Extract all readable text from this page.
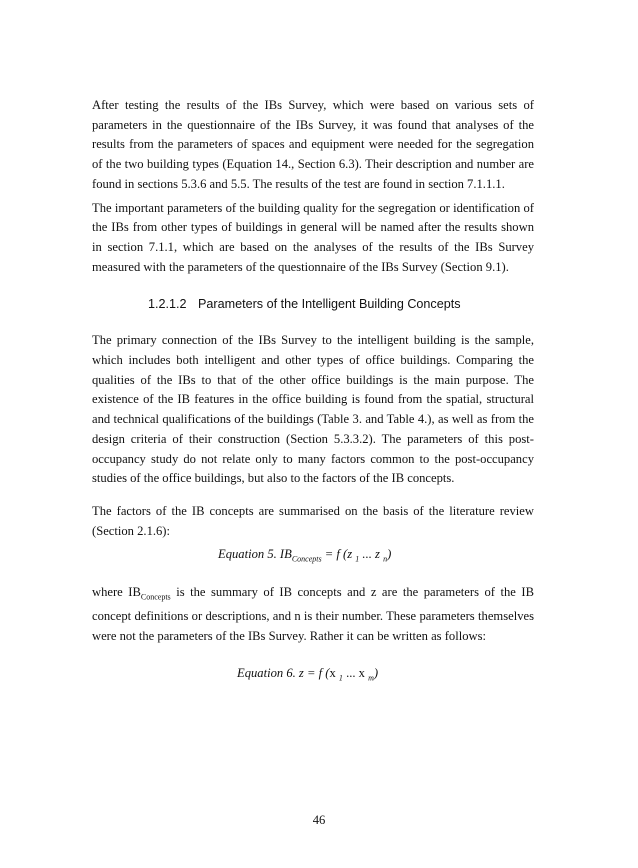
After testing the results of the IBs Survey, which were based on various sets of parameters in the questionnaire of the IBs Survey, it was found that analyses of the results from the parameters of spaces and equipment were needed for the segregation of the two building types (Equation 14., Section 6.3). Their description and number are found in sections 5.3.6 and 5.5. The results of the test are found in section 7.1.1.1.

The important parameters of the building quality for the segregation or identification of the IBs from other types of buildings in general will be named after the results shown in section 7.1.1, which are based on the analyses of the results of the IBs Survey measured with the parameters of the questionnaire of the IBs Survey (Section 9.1).

1.2.1.2 Parameters of the Intelligent Building Concepts

The primary connection of the IBs Survey to the intelligent building is the sample, which includes both intelligent and other types of office buildings. Comparing the qualities of the IBs to that of the other office buildings is the main purpose. The existence of the IB features in the office building is found from the spatial, structural and technical qualifications of the buildings (Table 3. and Table 4.), as well as from the design criteria of their construction (Section 5.3.3.2). The parameters of this post-occupancy study do not relate only to many factors common to the post-occupancy studies of the office buildings, but also to the factors of the IB concepts.

The factors of the IB concepts are summarised on the basis of the literature review (Section 2.1.6):

Equation 5. $IB_{Concepts} = f$ (z $_1$ ... z $_n$)

where $IB_{Concepts}$ is the summary of IB concepts and z are the parameters of the IB concept definitions or descriptions, and n is their number. These parameters themselves were not the parameters of the IBs Survey. Rather it can be written as follows:

Equation 6. z = f (x $_1$ ... x $_m$)
46
